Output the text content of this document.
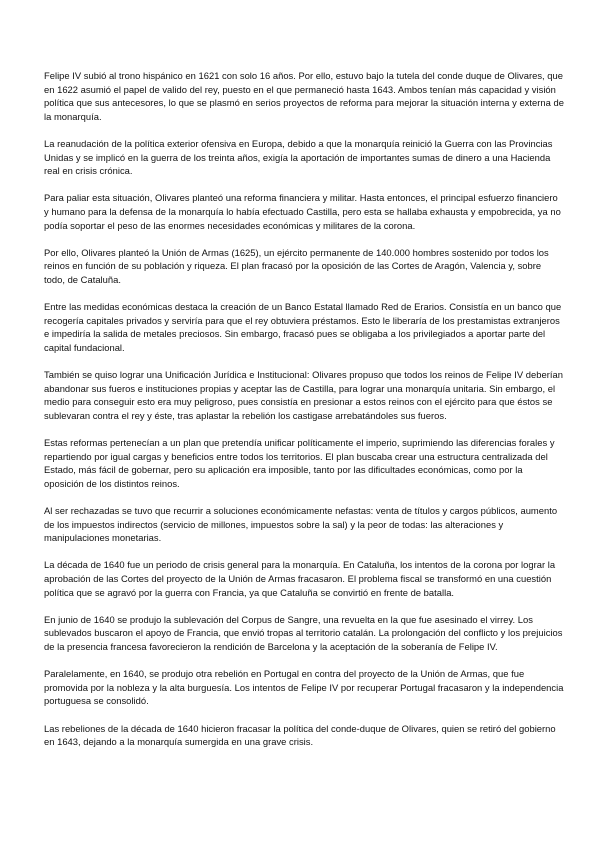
Felipe IV subió al trono hispánico en 1621 con solo 16 años. Por ello, estuvo bajo la tutela del conde duque de Olivares, que en 1622 asumió el papel de valido del rey, puesto en el que permaneció hasta 1643. Ambos tenían más capacidad y visión política que sus antecesores, lo que se plasmó en serios proyectos de reforma para mejorar la situación interna y externa de la monarquía.

La reanudación de la política exterior ofensiva en Europa, debido a que la monarquía reinició la Guerra con las Provincias Unidas y se implicó en la guerra de los treinta años, exigía la aportación de importantes sumas de dinero a una Hacienda real en crisis crónica.

Para paliar esta situación, Olivares planteó una reforma financiera y militar. Hasta entonces, el principal esfuerzo financiero y humano para la defensa de la monarquía lo había efectuado Castilla, pero esta se hallaba exhausta y empobrecida, ya no podía soportar el peso de las enormes necesidades económicas y militares de la corona.

Por ello, Olivares planteó la Unión de Armas (1625), un ejército permanente de 140.000 hombres sostenido por todos los reinos en función de su población y riqueza. El plan fracasó por la oposición de las Cortes de Aragón, Valencia y, sobre todo, de Cataluña.

Entre las medidas económicas destaca la creación de un Banco Estatal llamado Red de Erarios. Consistía en un banco que recogería capitales privados y serviría para que el rey obtuviera préstamos. Esto le liberaría de los prestamistas extranjeros e impediría la salida de metales preciosos. Sin embargo, fracasó pues se obligaba a los privilegiados a aportar parte del capital fundacional.

También se quiso lograr una Unificación Jurídica e Institucional: Olivares propuso que todos los reinos de Felipe IV deberían abandonar sus fueros e instituciones propias y aceptar las de Castilla, para lograr una monarquía unitaria. Sin embargo, el medio para conseguir esto era muy peligroso, pues consistía en presionar a estos reinos con el ejército para que éstos se sublevaran contra el rey y éste, tras aplastar la rebelión los castigase arrebatándoles sus fueros.

Estas reformas pertenecían a un plan que pretendía unificar políticamente el imperio, suprimiendo las diferencias forales y repartiendo por igual cargas y beneficios entre todos los territorios. El plan buscaba crear una estructura centralizada del Estado, más fácil de gobernar, pero su aplicación era imposible, tanto por las dificultades económicas, como por la oposición de los distintos reinos.

Al ser rechazadas se tuvo que recurrir a soluciones económicamente nefastas: venta de títulos y cargos públicos, aumento de los impuestos indirectos (servicio de millones, impuestos sobre la sal) y la peor de todas: las alteraciones y manipulaciones monetarias.

La década de 1640 fue un periodo de crisis general para la monarquía. En Cataluña, los intentos de la corona por lograr la aprobación de las Cortes del proyecto de la Unión de Armas fracasaron. El problema fiscal se transformó en una cuestión política que se agravó por la guerra con Francia, ya que Cataluña se convirtió en frente de batalla.

En junio de 1640 se produjo la sublevación del Corpus de Sangre, una revuelta en la que fue asesinado el virrey. Los sublevados buscaron el apoyo de Francia, que envió tropas al territorio catalán. La prolongación del conflicto y los prejuicios de la presencia francesa favorecieron la rendición de Barcelona y la aceptación de la soberanía de Felipe IV.

Paralelamente, en 1640, se produjo otra rebelión en Portugal en contra del proyecto de la Unión de Armas, que fue promovida por la nobleza y la alta burguesía. Los intentos de Felipe IV por recuperar Portugal fracasaron y la independencia portuguesa se consolidó.

Las rebeliones de la década de 1640 hicieron fracasar la política del conde-duque de Olivares, quien se retiró del gobierno en 1643, dejando a la monarquía sumergida en una grave crisis.
